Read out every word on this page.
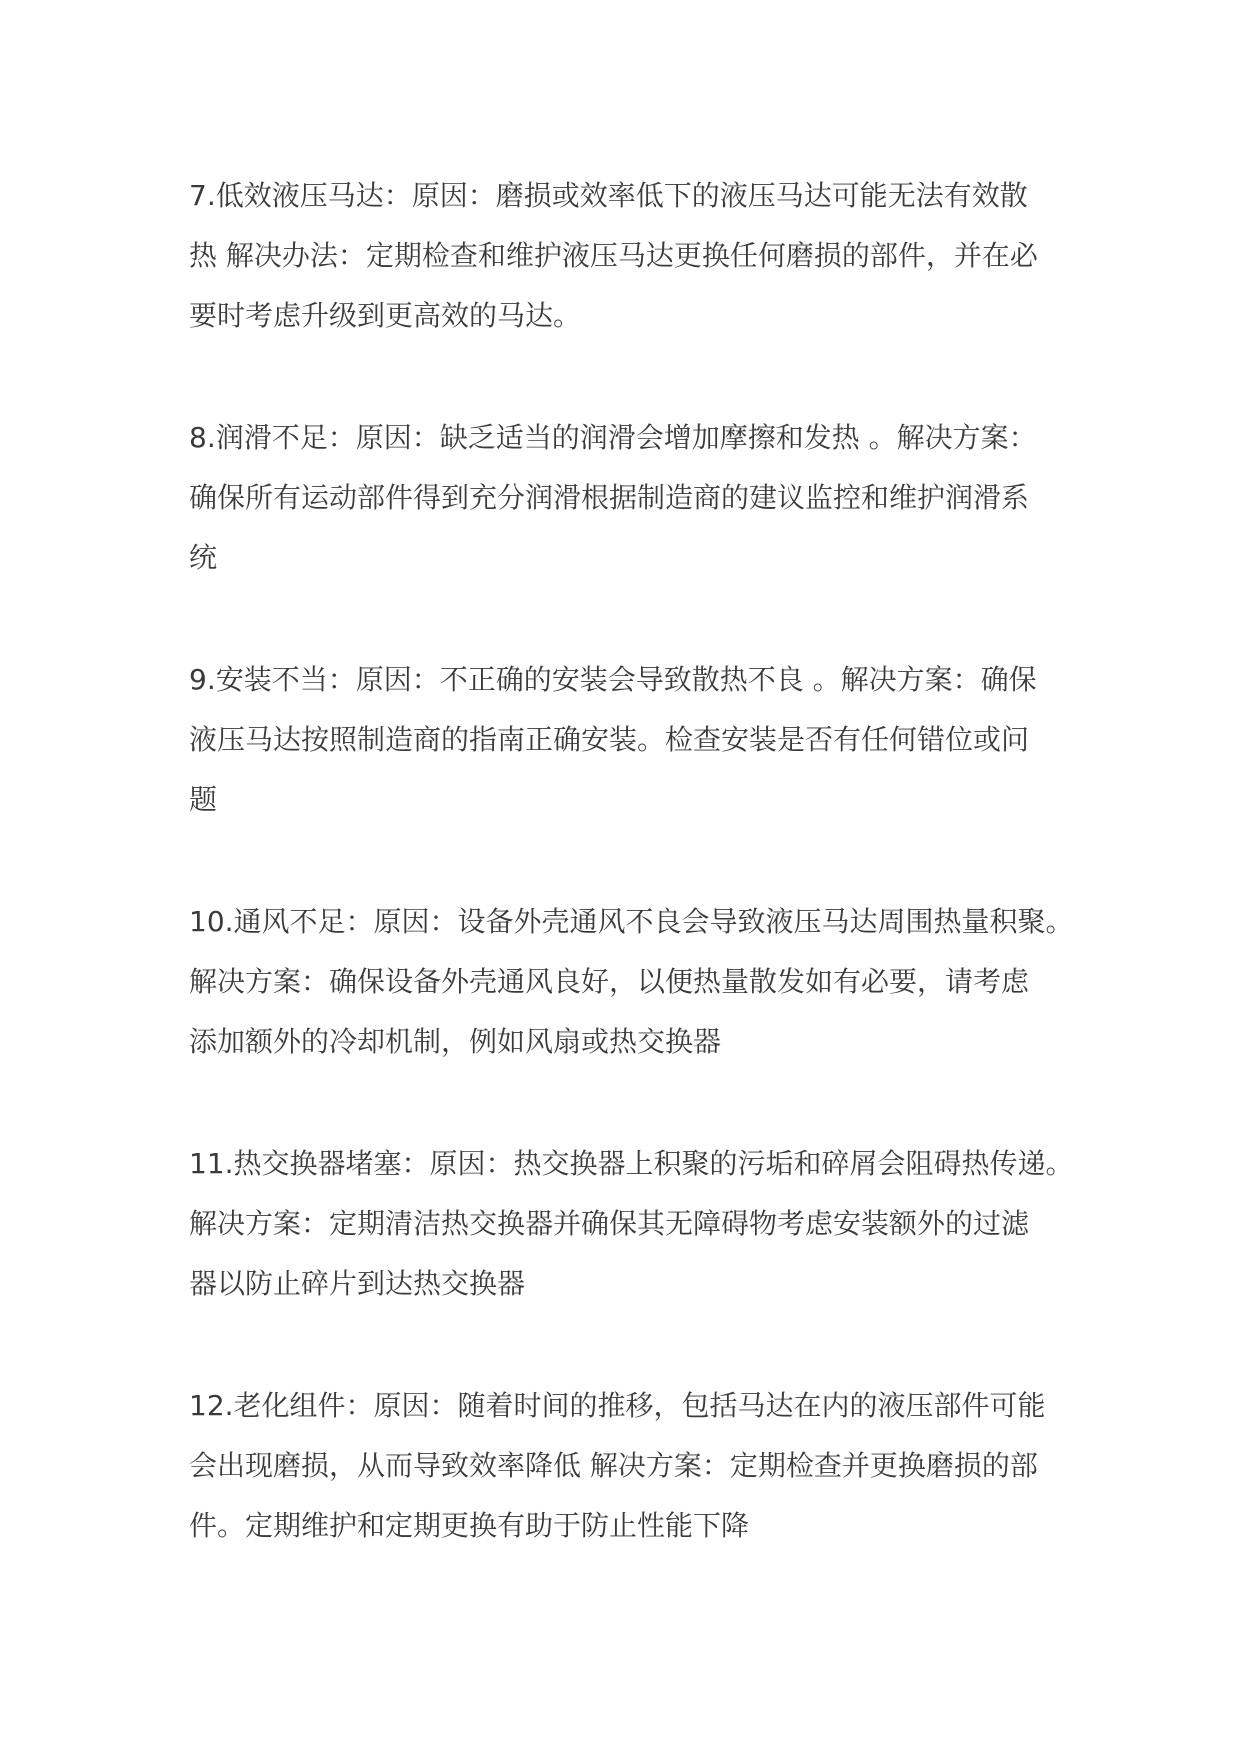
7.低效液压马达：原因：磨损或效率低下的液压马达可能无法有效散
热 解决办法：定期检查和维护液压马达更换任何磨损的部件，并在必
要时考虑升级到更高效的马达。
8.润滑不足：原因：缺乏适当的润滑会增加摩擦和发热 。解决方案：
确保所有运动部件得到充分润滑根据制造商的建议监控和维护润滑系
统
9.安装不当：原因：不正确的安装会导致散热不良 。解决方案：确保
液压马达按照制造商的指南正确安装。检查安装是否有任何错位或问
题
10.通风不足：原因：设备外壳通风不良会导致液压马达周围热量积聚。
解决方案：确保设备外壳通风良好，以便热量散发如有必要，请考虑
添加额外的冷却机制，例如风扇或热交换器
11.热交换器堵塞：原因：热交换器上积聚的污垢和碎屑会阻碍热传递。
解决方案：定期清洁热交换器并确保其无障碍物考虑安装额外的过滤
器以防止碎片到达热交换器
12.老化组件：原因：随着时间的推移，包括马达在内的液压部件可能
会出现磨损，从而导致效率降低 解决方案：定期检查并更换磨损的部
件。定期维护和定期更换有助于防止性能下降
